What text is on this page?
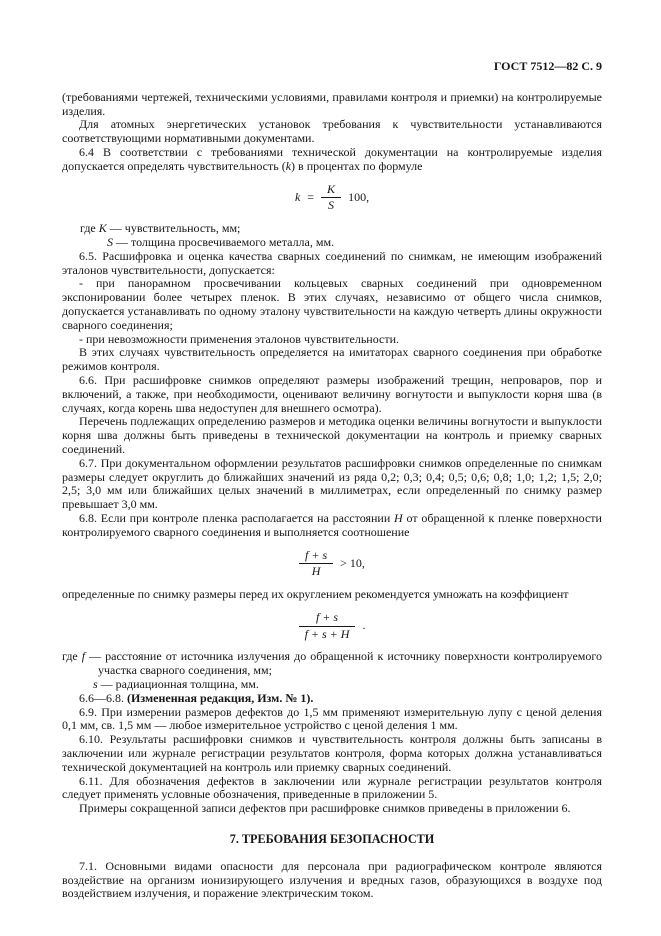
ГОСТ 7512—82 С. 9

(требованиями чертежей, техническими условиями, правилами контроля и приемки) на контролируемые изделия.

Для атомных энергетических установок требования к чувствительности устанавливаются соответствующими нормативными документами.

6.4 В соответствии с требованиями технической документации на контролируемые изделия допускается определять чувствительность (k) в процентах по формуле

$k = \frac{K}{S} 100$,

где K — чувствительность, мм;

S — толщина просвечиваемого металла, мм.

6.5. Расшифровка и оценка качества сварных соединений по снимкам, не имеющим изображений эталонов чувствительности, допускается:

- при панорамном просвечивании кольцевых сварных соединений при одновременном экспонировании более четырех пленок. В этих случаях, независимо от общего числа снимков, допускается устанавливать по одному эталону чувствительности на каждую четверть длины окружности сварного соединения;

- при невозможности применения эталонов чувствительности.

В этих случаях чувствительность определяется на имитаторах сварного соединения при обработке режимов контроля.

6.6. При расшифровке снимков определяют размеры изображений трещин, непроваров, пор и включений, а также, при необходимости, оценивают величину вогнутости и выпуклости корня шва (в случаях, когда корень шва недоступен для внешнего осмотра).

Перечень подлежащих определению размеров и методика оценки величины вогнутости и выпуклости корня шва должны быть приведены в технической документации на контроль и приемку сварных соединений.

6.7. При документальном оформлении результатов расшифровки снимков определенные по снимкам размеры следует округлить до ближайших значений из ряда 0,2; 0,3; 0,4; 0,5; 0,6; 0,8; 1,0; 1,2; 1,5; 2,0; 2,5; 3,0 мм или ближайших целых значений в миллиметрах, если определенный по снимку размер превышает 3,0 мм.

6.8. Если при контроле пленка располагается на расстоянии H от обращенной к пленке поверхности контролируемого сварного соединения и выполняется соотношение

$\frac{f + s}{H} > 10$,

определенные по снимку размеры перед их округлением рекомендуется умножать на коэффициент

$\frac{f + s}{f + s + H}$ .

где f — расстояние от источника излучения до обращенной к источнику поверхности контролируемого участка сварного соединения, мм;

s — радиационная толщина, мм.

6.6—6.8. (Измененная редакция, Изм. № 1).

6.9. При измерении размеров дефектов до 1,5 мм применяют измерительную лупу с ценой деления 0,1 мм, св. 1,5 мм — любое измерительное устройство с ценой деления 1 мм.

6.10. Результаты расшифровки снимков и чувствительность контроля должны быть записаны в заключении или журнале регистрации результатов контроля, форма которых должна устанавливаться технической документацией на контроль или приемку сварных соединений.

6.11. Для обозначения дефектов в заключении или журнале регистрации результатов контроля следует применять условные обозначения, приведенные в приложении 5.

Примеры сокращенной записи дефектов при расшифровке снимков приведены в приложении 6.

7. ТРЕБОВАНИЯ БЕЗОПАСНОСТИ

7.1. Основными видами опасности для персонала при радиографическом контроле являются воздействие на организм ионизирующего излучения и вредных газов, образующихся в воздухе под воздействием излучения, и поражение электрическим током.
